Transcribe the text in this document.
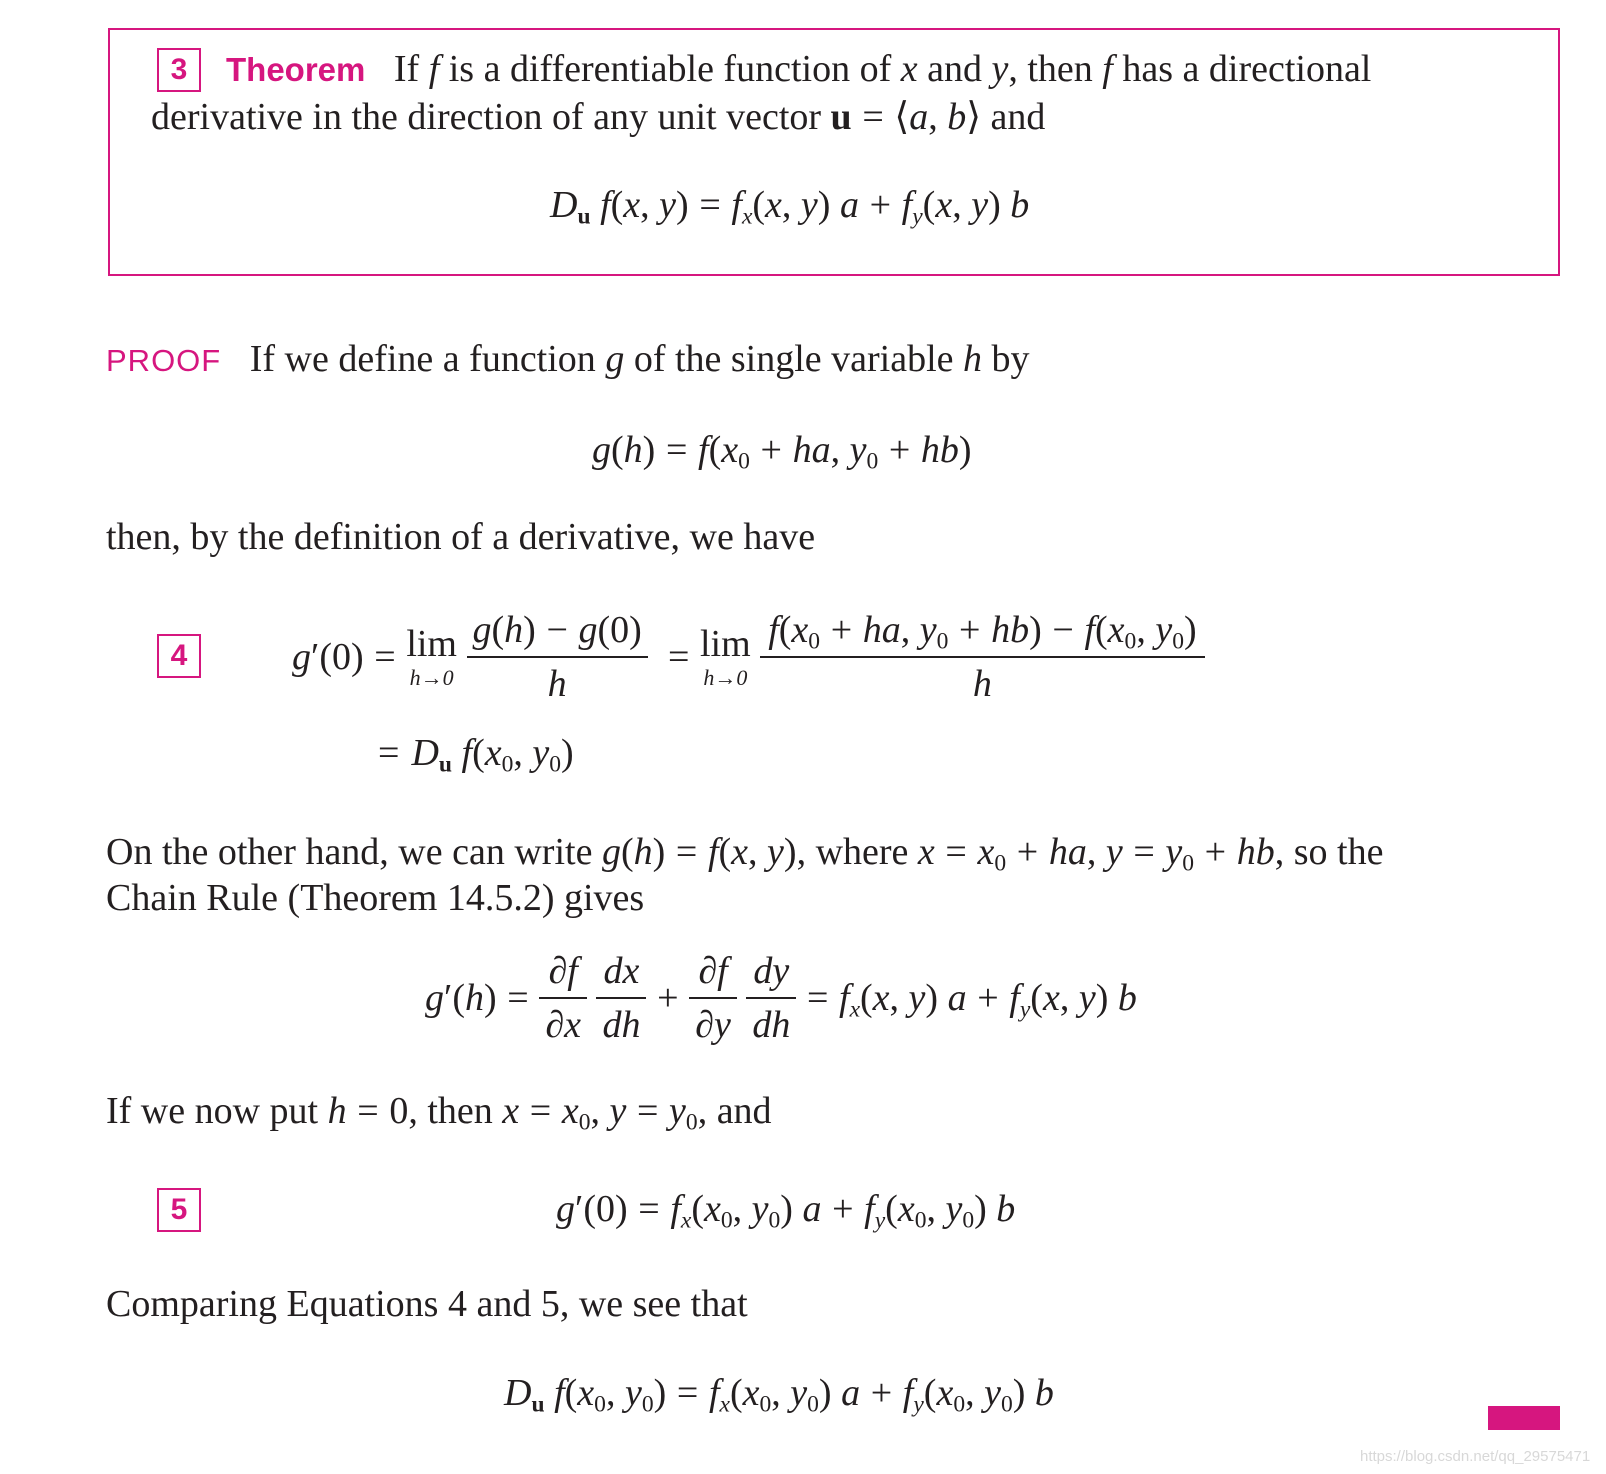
3	Theorem If f is a differentiable function of x and y, then f has a directional
derivative in the direction of any unit vector u = ⟨a, b⟩ and
$D_u$ f(x, $y) = f_x(x$, y) $a + f_y(x$, y) b
PROOF If we define a function g of the single variable h by
$g(h) = f(x_0$ + ha, $y_0 + hb$)
then, by the definition of a derivative, we have
4	g′(0) = lim
h→0
$\frac{g(h) - g(0)}{h} = \lim$
h→0
$\frac{f(x_0 + ha, y_0 + hb) - f(x_0, y_0)}{h}$
= $D_u$ $f(x_0$, $y_0$)
On the other hand, we can write g(h) = f(x, y), where $x = x_0$ + ha, $y = y_0$ + hb, so the
Chain Rule (Theorem 14.5.2) gives
$g'(h) = \frac{\partial f}{\partial x}$
$\frac{dx}{dh} + \frac{\partial f}{\partial y}$
$\frac{dy}{dh} = f_x(x$, y) $a + f_y(x$, y) b
If we now put h = 0, then $x = x_0$, $y = y_0$, and
5	$g'(0) = f_x(x_0$, $y_0$) $a + f_y(x_0$, $y_0$) b
Comparing Equations 4 and 5, we see that
$D_u$ $f(x_0$, $y_0) = f_x(x_0$, $y_0$) $a + f_y(x_0$, $y_0$) b
https://blog.csdn.net/qq_29575471
